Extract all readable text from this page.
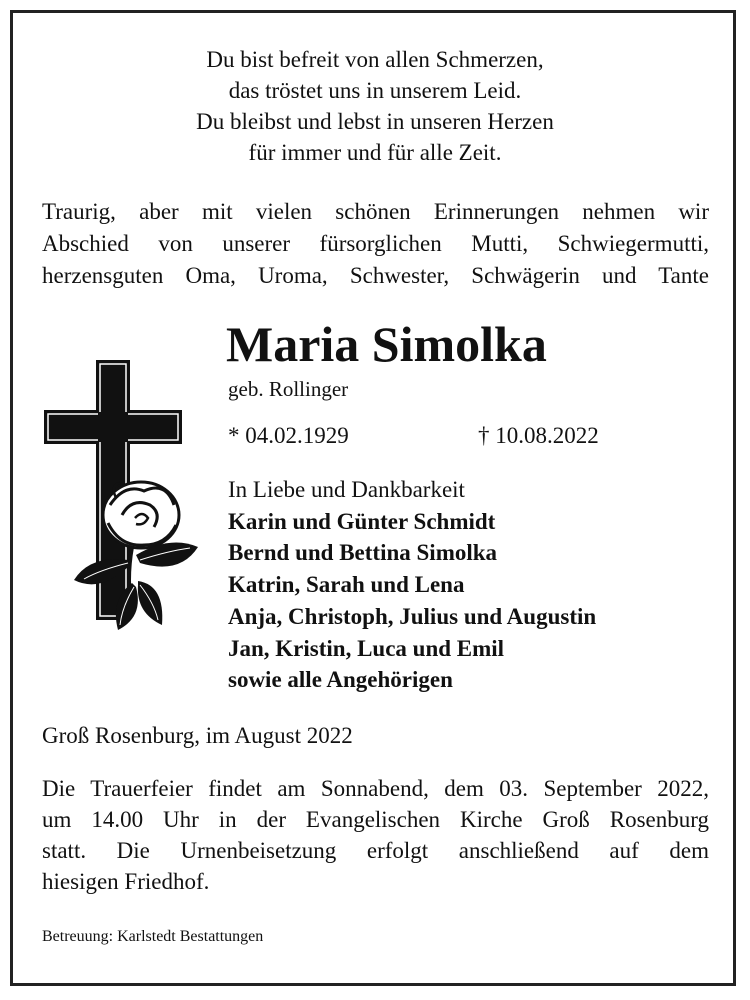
Du bist befreit von allen Schmerzen,
das tröstet uns in unserem Leid.
Du bleibst und lebst in unseren Herzen
für immer und für alle Zeit.
Traurig, aber mit vielen schönen Erinnerungen nehmen wir
Abschied von unserer fürsorglichen Mutti, Schwiegermutti,
herzensguten Oma, Uroma, Schwester, Schwägerin und Tante
Maria Simolka
geb. Rollinger
* 04.02.1929	† 10.08.2022
In Liebe und Dankbarkeit
Karin und Günter Schmidt
Bernd und Bettina Simolka
Katrin, Sarah und Lena
Anja, Christoph, Julius und Augustin
Jan, Kristin, Luca und Emil
sowie alle Angehörigen
Groß Rosenburg, im August 2022
Die Trauerfeier findet am Sonnabend, dem 03. September 2022,
um 14.00 Uhr in der Evangelischen Kirche Groß Rosenburg
statt. Die Urnenbeisetzung erfolgt anschließend auf dem
hiesigen Friedhof.
Betreuung: Karlstedt Bestattungen
